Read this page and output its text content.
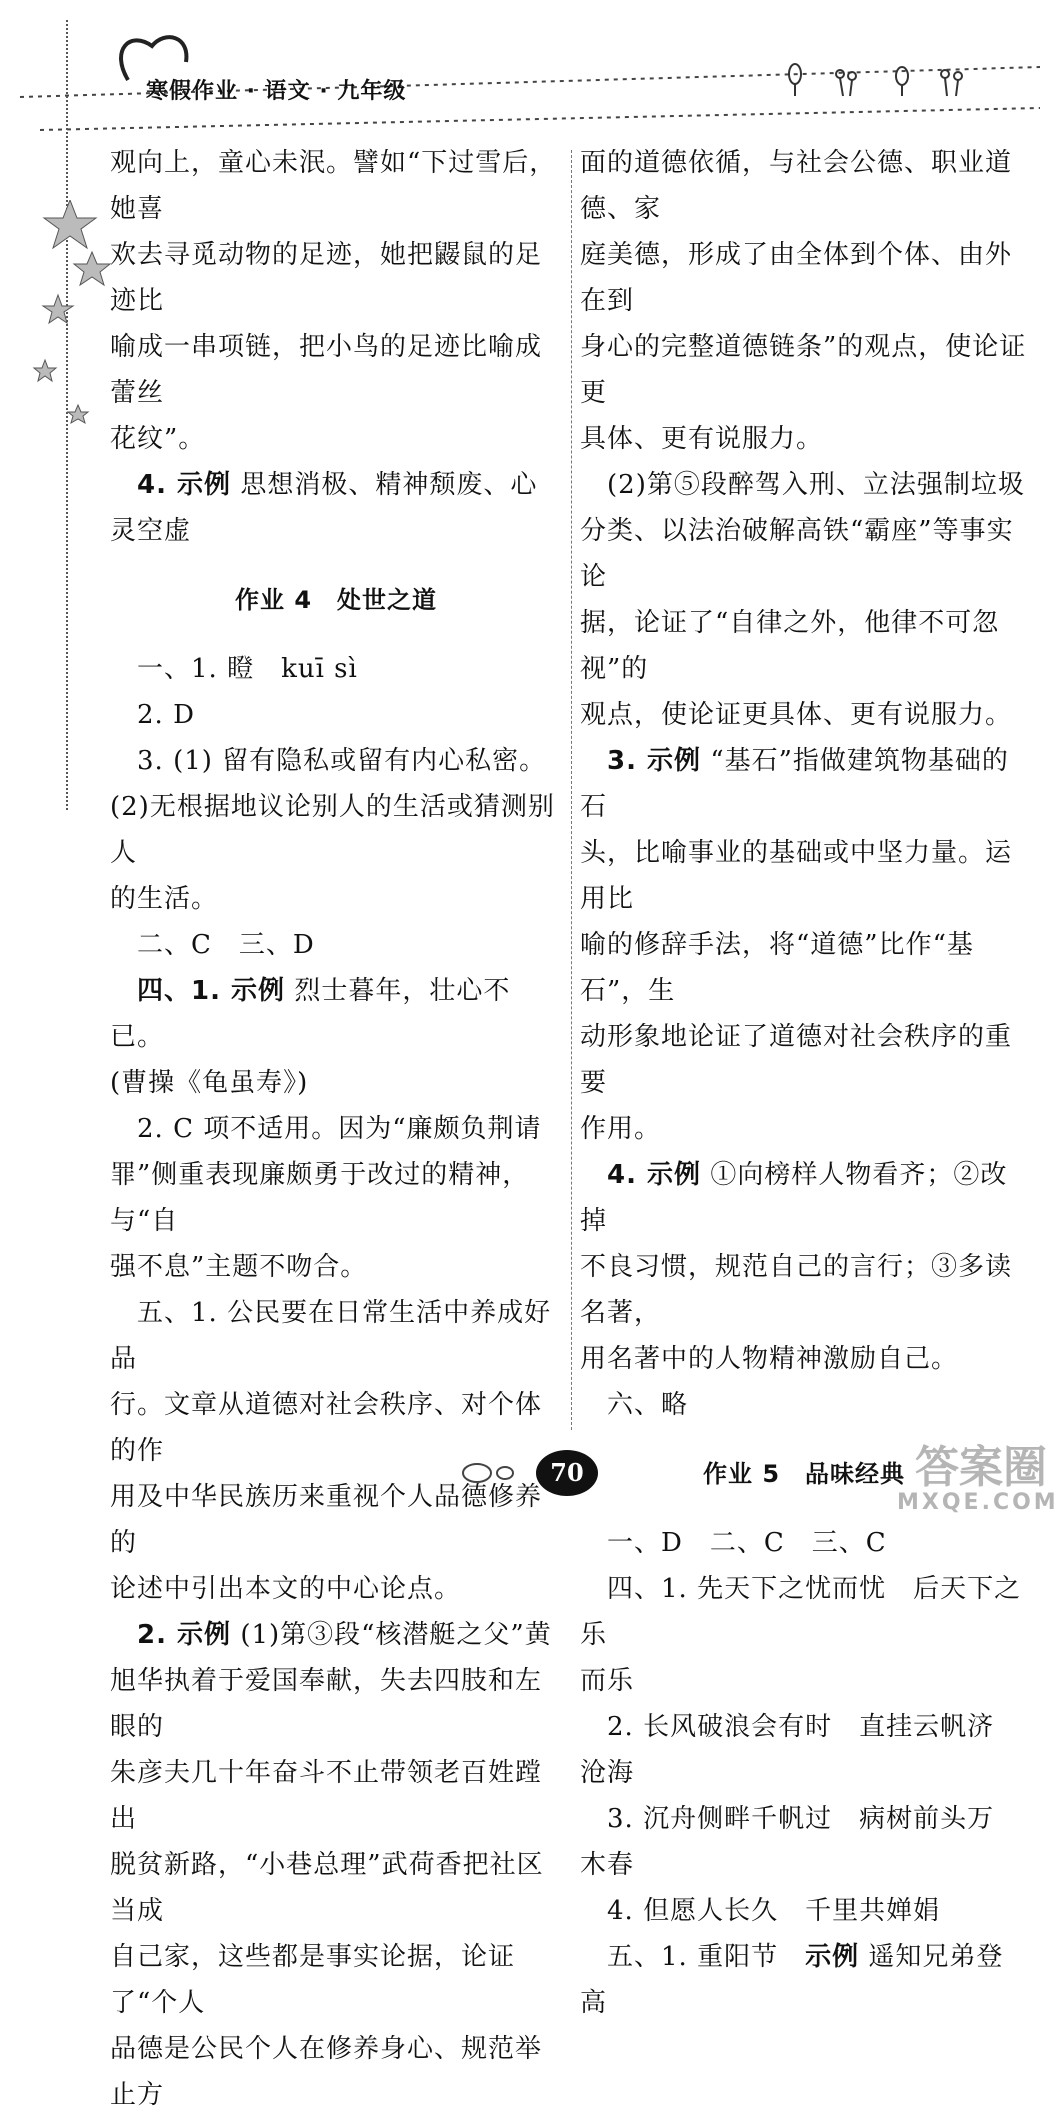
寒假作业 · 语文 · 九年级

观向上，童心未泯。譬如“下过雪后，她喜

欢去寻觅动物的足迹，她把鼹鼠的足迹比

喻成一串项链，把小鸟的足迹比喻成蕾丝

花纹”。

　4. 示例 思想消极、精神颓废、心灵空虚

作业 4　处世之道

　一、1. 瞪　kuī sì

　2. D

　3. (1) 留有隐私或留有内心私密。

(2)无根据地议论别人的生活或猜测别人

的生活。

　二、C　三、D

　四、1. 示例 烈士暮年，壮心不已。

(曹操《龟虽寿》)

　2. C 项不适用。因为“廉颇负荆请

罪”侧重表现廉颇勇于改过的精神，与“自

强不息”主题不吻合。

　五、1. 公民要在日常生活中养成好品

行。文章从道德对社会秩序、对个体的作

用及中华民族历来重视个人品德修养的

论述中引出本文的中心论点。

　2. 示例 (1)第③段“核潜艇之父”黄

旭华执着于爱国奉献，失去四肢和左眼的

朱彦夫几十年奋斗不止带领老百姓蹚出

脱贫新路，“小巷总理”武荷香把社区当成

自己家，这些都是事实论据，论证了“个人

品德是公民个人在修养身心、规范举止方

面的道德依循，与社会公德、职业道德、家

庭美德，形成了由全体到个体、由外在到

身心的完整道德链条”的观点，使论证更

具体、更有说服力。

　(2)第⑤段醉驾入刑、立法强制垃圾

分类、以法治破解高铁“霸座”等事实论

据，论证了“自律之外，他律不可忽视”的

观点，使论证更具体、更有说服力。

　3. 示例 “基石”指做建筑物基础的石

头，比喻事业的基础或中坚力量。运用比

喻的修辞手法，将“道德”比作“基石”，生

动形象地论证了道德对社会秩序的重要

作用。

　4. 示例 ①向榜样人物看齐；②改掉

不良习惯，规范自己的言行；③多读名著，

用名著中的人物精神激励自己。

　六、略

作业 5　品味经典

　一、D　二、C　三、C

　四、1. 先天下之忧而忧　后天下之乐

而乐

　2. 长风破浪会有时　直挂云帆济

沧海

　3. 沉舟侧畔千帆过　病树前头万

木春

　4. 但愿人长久　千里共婵娟

　五、1. 重阳节　 示例 遥知兄弟登高

70	答案圈
MXQE.COM
